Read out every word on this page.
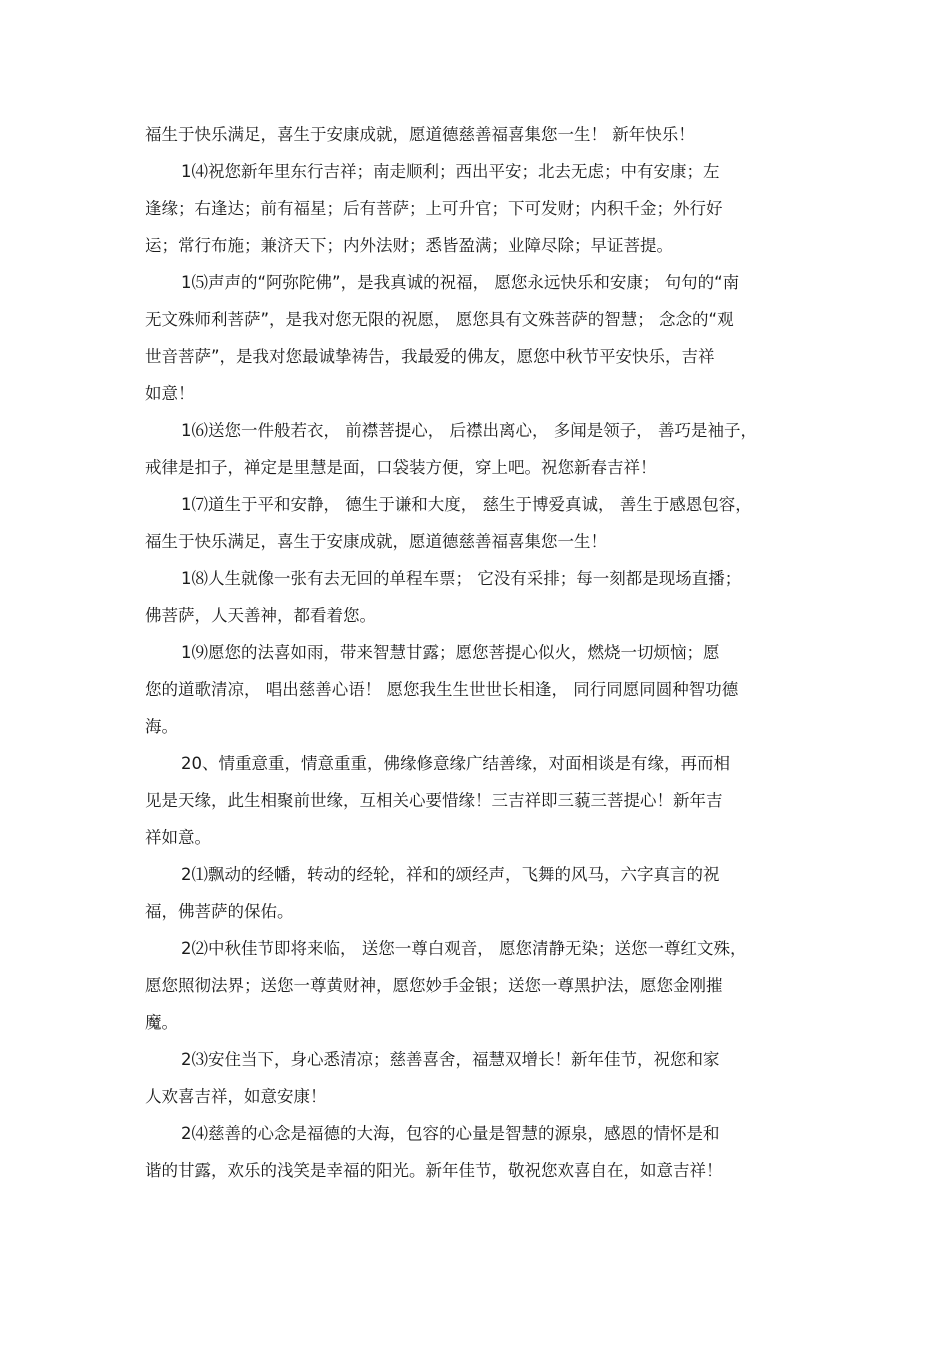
福生于快乐满足，喜生于安康成就，愿道德慈善福喜集您一生！ 新年快乐！
1⑷祝您新年里东行吉祥；南走顺利；西出平安；北去无虑；中有安康；左
逢缘；右逢达；前有福星；后有菩萨；上可升官；下可发财；内积千金；外行好
运；常行布施；兼济天下；内外法财；悉皆盈满；业障尽除；早证菩提。
1⑸声声的“阿弥陀佛”，是我真诚的祝福， 愿您永远快乐和安康； 句句的“南
无文殊师利菩萨”，是我对您无限的祝愿， 愿您具有文殊菩萨的智慧； 念念的“观
世音菩萨”，是我对您最诚挚祷告，我最爱的佛友，愿您中秋节平安快乐，吉祥
如意！
1⑹送您一件般若衣， 前襟菩提心， 后襟出离心， 多闻是领子， 善巧是袖子，
戒律是扣子，禅定是里慧是面，口袋装方便，穿上吧。祝您新春吉祥！
1⑺道生于平和安静， 德生于谦和大度， 慈生于博爱真诚， 善生于感恩包容，
福生于快乐满足，喜生于安康成就，愿道德慈善福喜集您一生！
1⑻人生就像一张有去无回的单程车票； 它没有采排；每一刻都是现场直播；
佛菩萨，人天善神，都看着您。
1⑼愿您的法喜如雨，带来智慧甘露；愿您菩提心似火，燃烧一切烦恼；愿
您的道歌清凉， 唱出慈善心语！ 愿您我生生世世长相逢， 同行同愿同圆种智功德
海。
20、情重意重，情意重重，佛缘修意缘广结善缘，对面相谈是有缘，再而相
见是天缘，此生相聚前世缘，互相关心要惜缘！三吉祥即三藐三菩提心！新年吉
祥如意。
2⑴飘动的经幡，转动的经轮，祥和的颂经声，飞舞的风马，六字真言的祝
福，佛菩萨的保佑。
2⑵中秋佳节即将来临， 送您一尊白观音， 愿您清静无染；送您一尊红文殊，
愿您照彻法界；送您一尊黄财神，愿您妙手金银；送您一尊黑护法，愿您金刚摧
魔。
2⑶安住当下，身心悉清凉；慈善喜舍，福慧双增长！新年佳节，祝您和家
人欢喜吉祥，如意安康！
2⑷慈善的心念是福德的大海，包容的心量是智慧的源泉，感恩的情怀是和
谐的甘露，欢乐的浅笑是幸福的阳光。新年佳节，敬祝您欢喜自在，如意吉祥！
